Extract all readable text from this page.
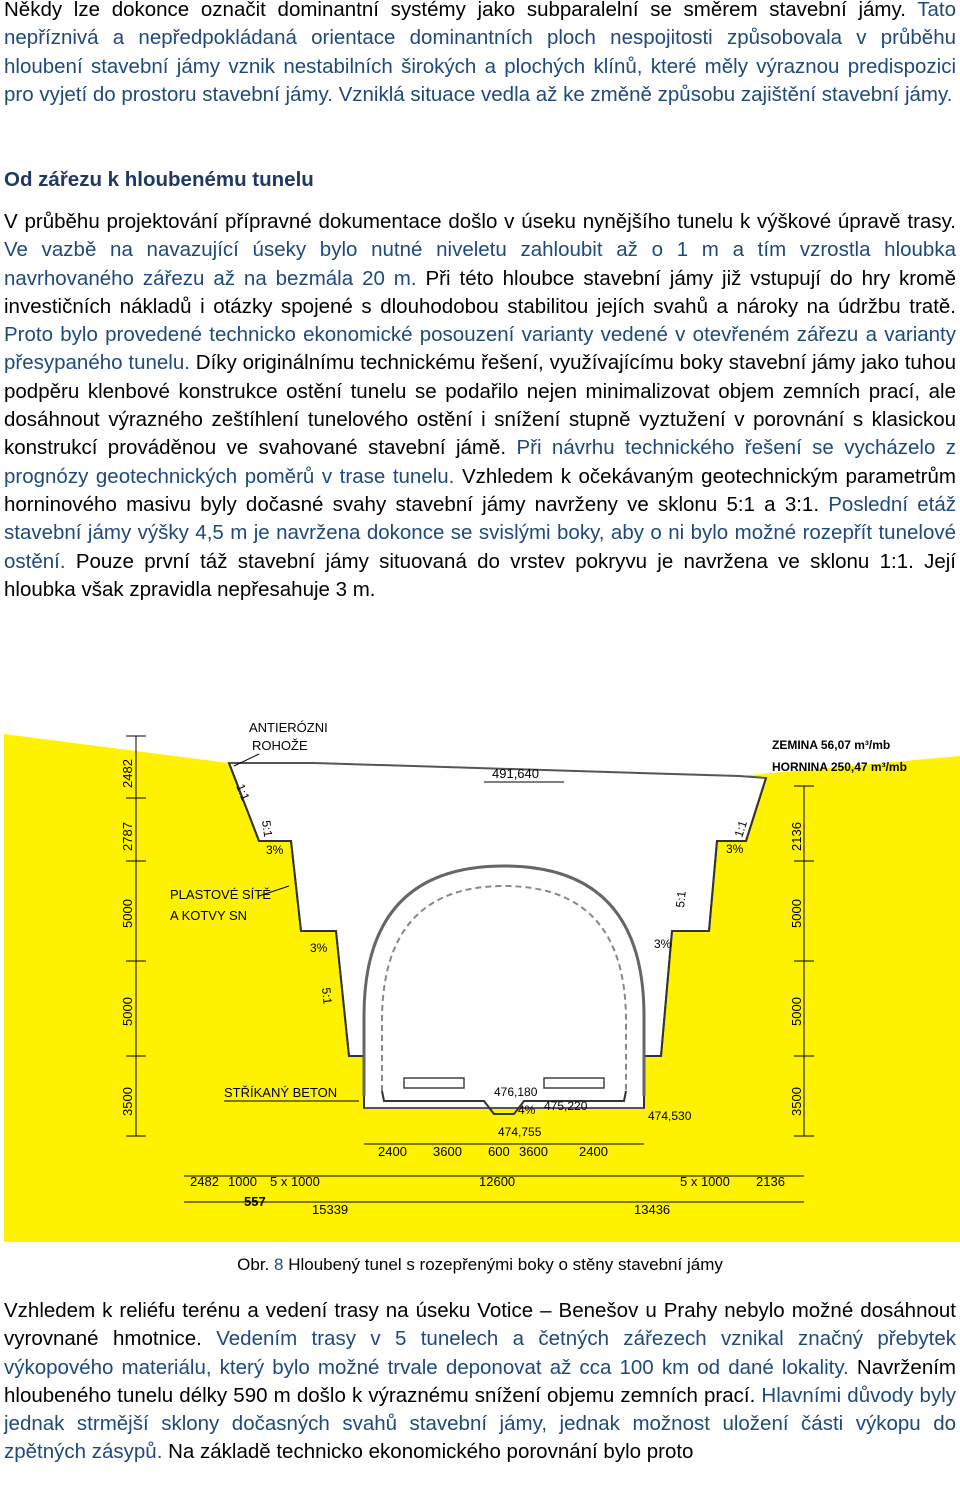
Někdy lze dokonce označit dominantní systémy jako subparalelní se směrem stavební jámy. Tato nepříznivá a nepředpokládaná orientace dominantních ploch nespojitosti způsobovala v průběhu hloubení stavební jámy vznik nestabilních širokých a plochých klínů, které měly výraznou predispozici pro vyjetí do prostoru stavební jámy. Vzniklá situace vedla až ke změně způsobu zajištění stavební jámy.

Od zářezu k hloubenému tunelu

V průběhu projektování přípravné dokumentace došlo v úseku nynějšího tunelu k výškové úpravě trasy. Ve vazbě na navazující úseky bylo nutné niveletu zahloubit až o 1 m a tím vzrostla hloubka navrhovaného zářezu až na bezmála 20 m. Při této hloubce stavební jámy již vstupují do hry kromě investičních nákladů i otázky spojené s dlouhodobou stabilitou jejích svahů a nároky na údržbu tratě. Proto bylo provedené technicko ekonomické posouzení varianty vedené v otevřeném zářezu a varianty přesypaného tunelu. Díky originálnímu technickému řešení, využívajícímu boky stavební jámy jako tuhou podpěru klenbové konstrukce ostění tunelu se podařilo nejen minimalizovat objem zemních prací, ale dosáhnout výrazného zeštíhlení tunelového ostění i snížení stupně vyztužení v porovnání s klasickou konstrukcí prováděnou ve svahované stavební jámě. Při návrhu technického řešení se vycházelo z prognózy geotechnických poměrů v trase tunelu. Vzhledem k očekávaným geotechnickým parametrům horninového masivu byly dočasné svahy stavební jámy navrženy ve sklonu 5:1 a 3:1. Poslední etáž stavební jámy výšky 4,5 m je navržena dokonce se svislými boky, aby o ni bylo možné rozepřít tunelové ostění. Pouze první táž stavební jámy situovaná do vrstev pokryvu je navržena ve sklonu 1:1. Její hloubka však zpravidla nepřesahuje 3 m.

2482
2787
5000
5000
3500
2136
5000
5000
3500
ANTIERÓZNI
ROHOŽE	ZEMINA 56,07 m³/mb
HORNINA 250,47 m³/mb
491,640
1:1
1:1
5:1
5:1
5:1
3%	3%
3%	3%
4%
PLASTOVÉ SÍTĚ
A KOTVY SN
STŘÍKANÝ BETON	476,180
475,220
474,755
474,530
2400 3600 600 3600 2400
2482 1000 5 x 1000	12600	5 x 1000 2136
557
15339	13436
Obr. 8 Hloubený tunel s rozepřenými boky o stěny stavební jámy

Vzhledem k reliéfu terénu a vedení trasy na úseku Votice – Benešov u Prahy nebylo možné dosáhnout vyrovnané hmotnice. Vedením trasy v 5 tunelech a četných zářezech vznikal značný přebytek výkopového materiálu, který bylo možné trvale deponovat až cca 100 km od dané lokality. Navržením hloubeného tunelu délky 590 m došlo k výraznému snížení objemu zemních prací. Hlavními důvody byly jednak strmější sklony dočasných svahů stavební jámy, jednak možnost uložení části výkopu do zpětných zásypů. Na základě technicko ekonomického porovnání bylo proto
